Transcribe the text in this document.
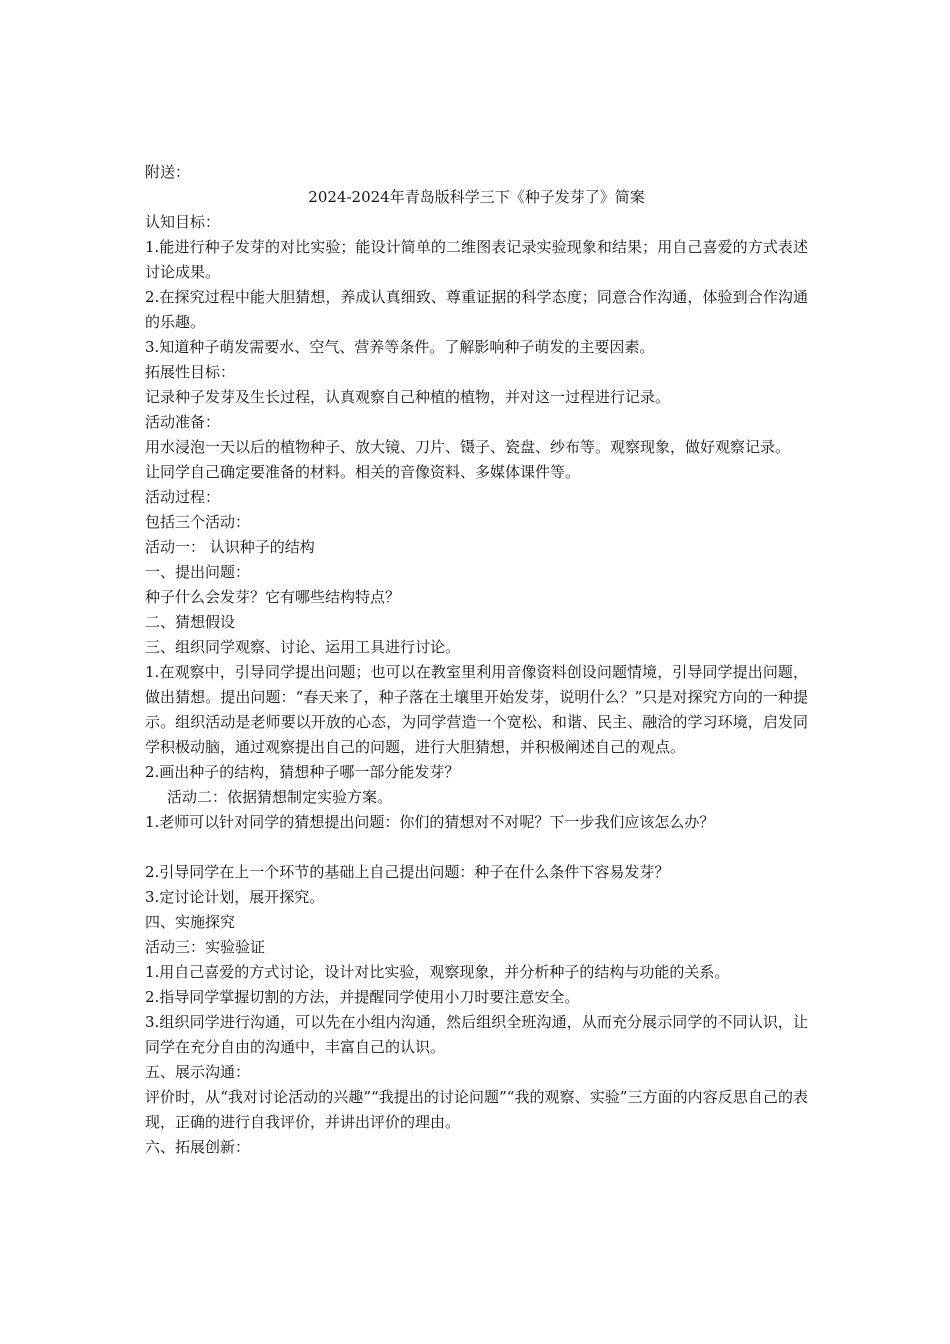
附送：

2024-2024年青岛版科学三下《种子发芽了》简案

认知目标：

1.能进行种子发芽的对比实验；能设计简单的二维图表记录实验现象和结果；用自己喜爱的方式表述讨论成果。

2.在探究过程中能大胆猜想，养成认真细致、尊重证据的科学态度；同意合作沟通，体验到合作沟通的乐趣。

3.知道种子萌发需要水、空气、营养等条件。了解影响种子萌发的主要因素。

拓展性目标：

记录种子发芽及生长过程，认真观察自己种植的植物，并对这一过程进行记录。

活动准备：

用水浸泡一天以后的植物种子、放大镜、刀片、镊子、瓷盘、纱布等。观察现象，做好观察记录。

让同学自己确定要准备的材料。相关的音像资料、多媒体课件等。

活动过程：

包括三个活动：

活动一： 认识种子的结构

一、提出问题：

种子什么会发芽？它有哪些结构特点？

二、猜想假设

三、组织同学观察、讨论、运用工具进行讨论。

1.在观察中，引导同学提出问题；也可以在教室里利用音像资料创设问题情境，引导同学提出问题，做出猜想。提出问题：“春天来了，种子落在土壤里开始发芽，说明什么？”只是对探究方向的一种提示。组织活动是老师要以开放的心态，为同学营造一个宽松、和谐、民主、融洽的学习环境，启发同学积极动脑，通过观察提出自己的问题，进行大胆猜想，并积极阐述自己的观点。

2.画出种子的结构，猜想种子哪一部分能发芽？

活动二：依据猜想制定实验方案。

1.老师可以针对同学的猜想提出问题：你们的猜想对不对呢？下一步我们应该怎么办？

2.引导同学在上一个环节的基础上自己提出问题：种子在什么条件下容易发芽？

3.定讨论计划，展开探究。

四、实施探究

活动三：实验验证

1.用自己喜爱的方式讨论，设计对比实验，观察现象，并分析种子的结构与功能的关系。

2.指导同学掌握切割的方法，并提醒同学使用小刀时要注意安全。

3.组织同学进行沟通，可以先在小组内沟通，然后组织全班沟通，从而充分展示同学的不同认识，让同学在充分自由的沟通中，丰富自己的认识。

五、展示沟通：

评价时，从“我对讨论活动的兴趣”“我提出的讨论问题”“我的观察、实验”三方面的内容反思自己的表现，正确的进行自我评价，并讲出评价的理由。

六、拓展创新：
